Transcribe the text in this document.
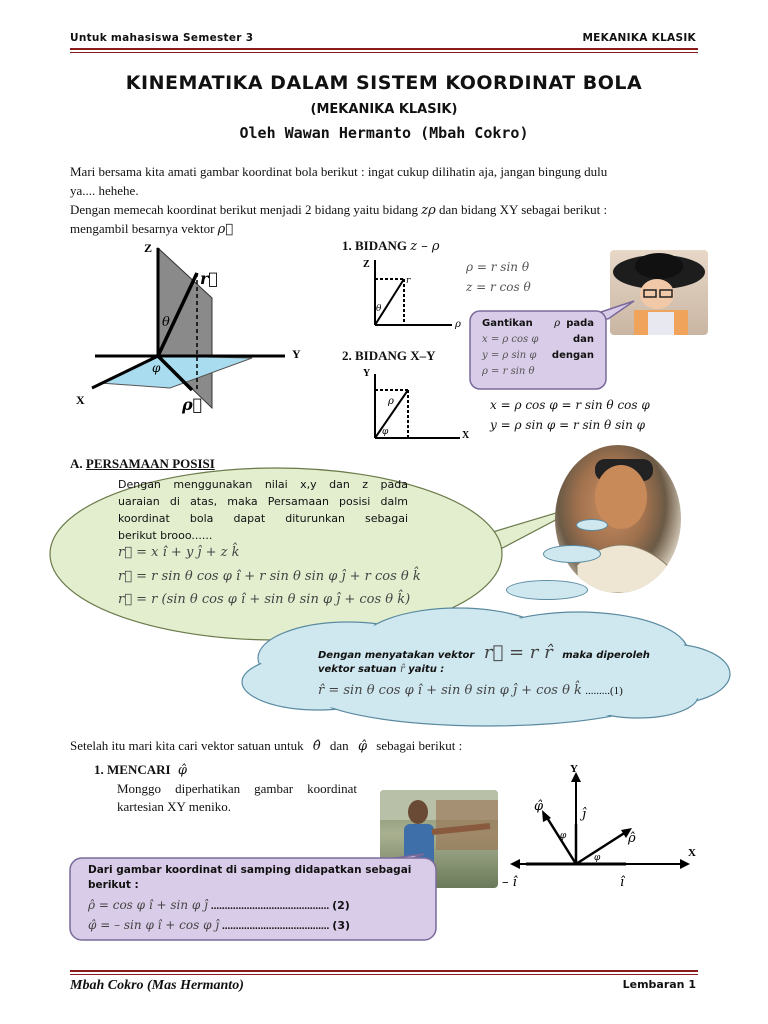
Untuk mahasiswa Semester 3	MEKANIKA KLASIK
KINEMATIKA DALAM SISTEM KOORDINAT BOLA
(MEKANIKA KLASIK)
Oleh Wawan Hermanto (Mbah Cokro)
Mari bersama kita amati gambar koordinat bola berikut : ingat cukup dilihatin aja, jangan bingung dulu
ya.... hehehe.
Dengan memecah koordinat berikut menjadi 2 bidang yaitu bidang zρ dan bidang XY sebagai berikut :
mengambil besarnya vektor ρ⃗
Z
Y
X
r⃗
θ
φ
ρ⃗
1. BIDANG z – ρ
Z
ρ
r
θ
ρ = r sin θ
z = r cos θ
Gantikan ρ pada
x = ρ cos φ	dan
y = ρ sin φ dengan
ρ = r sin θ
2. BIDANG X–Y
Y
X
ρ
φ
x = ρ cos φ = r sin θ cos φ
y = ρ sin φ = r sin θ sin φ
A. PERSAMAAN POSISI
Dengan menggunakan nilai x,y dan z pada
uaraian di atas, maka Persamaan posisi dalm
koordinat bola dapat diturunkan sebagai
berikut brooo......
r⃗ = x î + y ĵ + z k̂
r⃗ = r sin θ cos φ î + r sin θ sin φ ĵ + r cos θ k̂
r⃗ = r (sin θ cos φ î + sin θ sin φ ĵ + cos θ k̂)
Dengan menyatakan vektor r⃗ = r r̂ maka diperoleh
vektor satuan r̂ yaitu :
r̂ = sin θ cos φ î + sin θ sin φ ĵ + cos θ k̂ .........(1)
Setelah itu mari kita cari vektor satuan untuk θ̂ dan φ̂ sebagai berikut :
1. MENCARI φ̂
Monggo diperhatikan gambar koordinat
kartesian XY meniko.
Y
X
φ̂
ĵ
ρ̂
φ
φ
– î	î
Dari gambar koordinat di samping didapatkan sebagai
berikut :
ρ̂ = cos φ î + sin φ ĵ ........................................... (2)
φ̂ = – sin φ î + cos φ ĵ ....................................... (3)
Mbah Cokro (Mas Hermanto)	Lembaran 1
